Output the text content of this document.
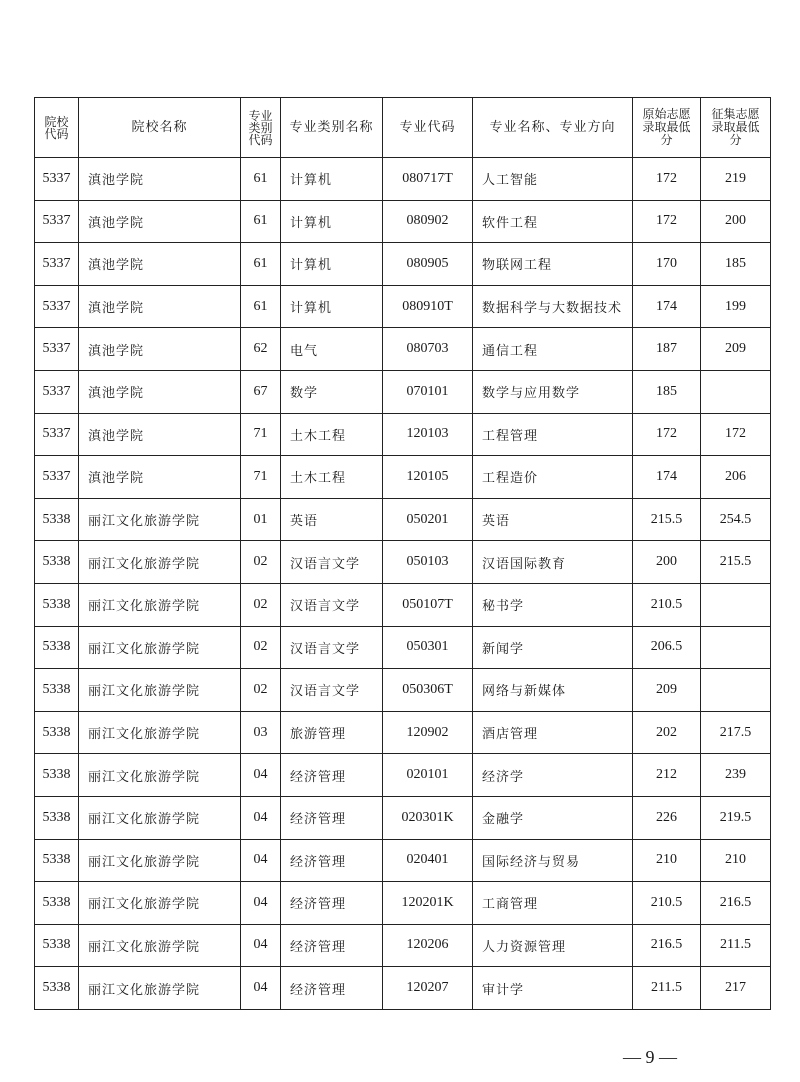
院校代码	院校名称	专业类别代码	专业类别名称	专业代码	专业名称、专业方向	原始志愿录取最低分	征集志愿录取最低分
5337	滇池学院	61	计算机	080717T	人工智能	172	219
5337	滇池学院	61	计算机	080902	软件工程	172	200
5337	滇池学院	61	计算机	080905	物联网工程	170	185
5337	滇池学院	61	计算机	080910T	数据科学与大数据技术	174	199
5337	滇池学院	62	电气	080703	通信工程	187	209
5337	滇池学院	67	数学	070101	数学与应用数学	185	
5337	滇池学院	71	土木工程	120103	工程管理	172	172
5337	滇池学院	71	土木工程	120105	工程造价	174	206
5338	丽江文化旅游学院	01	英语	050201	英语	215.5	254.5
5338	丽江文化旅游学院	02	汉语言文学	050103	汉语国际教育	200	215.5
5338	丽江文化旅游学院	02	汉语言文学	050107T	秘书学	210.5	
5338	丽江文化旅游学院	02	汉语言文学	050301	新闻学	206.5	
5338	丽江文化旅游学院	02	汉语言文学	050306T	网络与新媒体	209	
5338	丽江文化旅游学院	03	旅游管理	120902	酒店管理	202	217.5
5338	丽江文化旅游学院	04	经济管理	020101	经济学	212	239
5338	丽江文化旅游学院	04	经济管理	020301K	金融学	226	219.5
5338	丽江文化旅游学院	04	经济管理	020401	国际经济与贸易	210	210
5338	丽江文化旅游学院	04	经济管理	120201K	工商管理	210.5	216.5
5338	丽江文化旅游学院	04	经济管理	120206	人力资源管理	216.5	211.5
5338	丽江文化旅游学院	04	经济管理	120207	审计学	211.5	217
— 9 —
